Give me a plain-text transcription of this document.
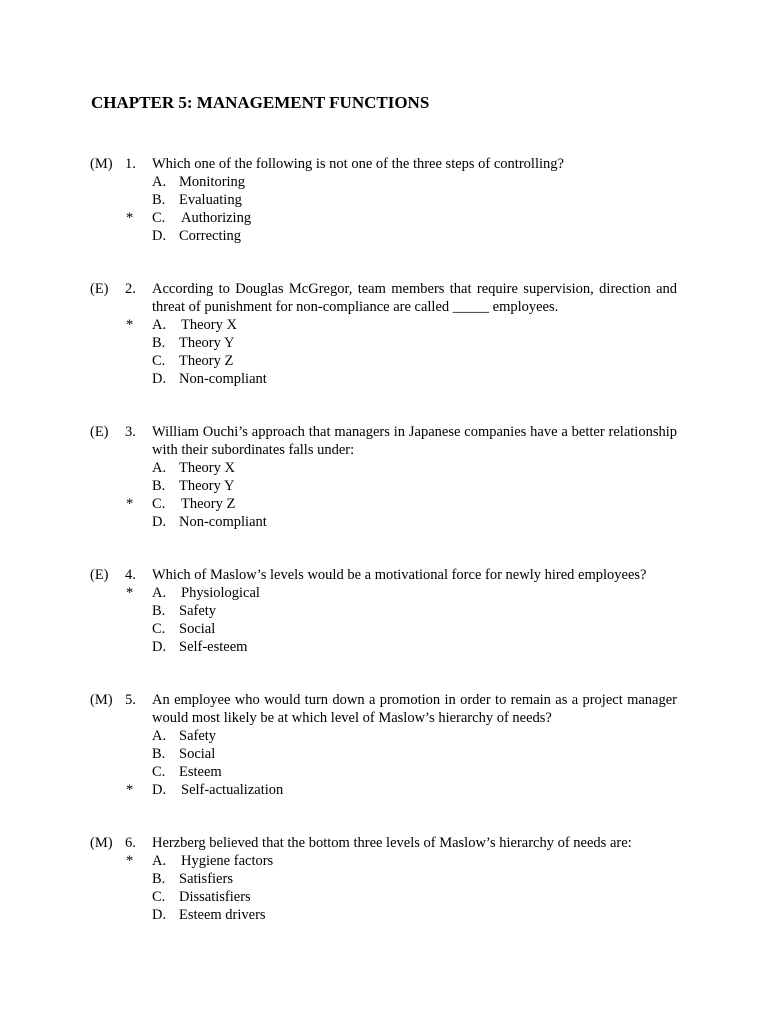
CHAPTER 5: MANAGEMENT FUNCTIONS
(M) 1. Which one of the following is not one of the three steps of controlling?
A. Monitoring
B. Evaluating
* C. Authorizing
D. Correcting
(E) 2. According to Douglas McGregor, team members that require supervision, direction and threat of punishment for non-compliance are called _____ employees.
* A. Theory X
B. Theory Y
C. Theory Z
D. Non-compliant
(E) 3. William Ouchi’s approach that managers in Japanese companies have a better relationship with their subordinates falls under:
A. Theory X
B. Theory Y
* C. Theory Z
D. Non-compliant
(E) 4. Which of Maslow’s levels would be a motivational force for newly hired employees?
* A. Physiological
B. Safety
C. Social
D. Self-esteem
(M) 5. An employee who would turn down a promotion in order to remain as a project manager would most likely be at which level of Maslow’s hierarchy of needs?
A. Safety
B. Social
C. Esteem
* D. Self-actualization
(M) 6. Herzberg believed that the bottom three levels of Maslow’s hierarchy of needs are:
* A. Hygiene factors
B. Satisfiers
C. Dissatisfiers
D. Esteem drivers
